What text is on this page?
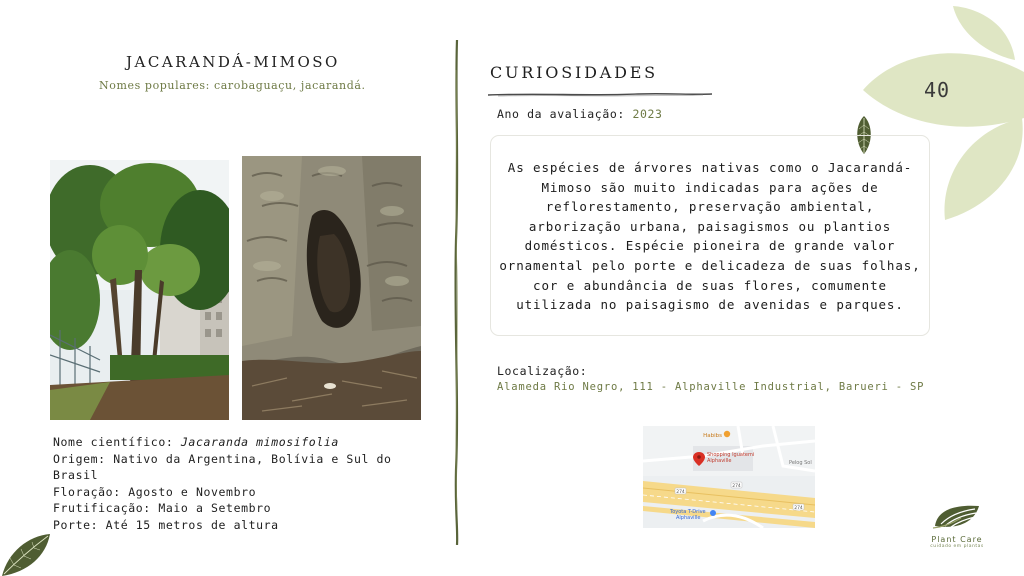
JACARANDÁ-MIMOSO
Nomes populares: carobaguaçu, jacarandá.
Nome científico: Jacaranda mimosifolia
Origem: Nativo da Argentina, Bolívia e Sul do Brasil
Floração: Agosto e Novembro
Frutificação: Maio a Setembro
Porte: Até 15 metros de altura
CURIOSIDADES
Ano da avaliação: 2023

As espécies de árvores nativas como o Jacarandá-Mimoso são muito indicadas para ações de reflorestamento, preservação ambiental, arborização urbana, paisagismos ou plantios domésticos. Espécie pioneira de grande valor ornamental pelo porte e delicadeza de suas folhas, cor e abundância de suas flores, comumente utilizada no paisagismo de avenidas e parques.

Localização:
Alameda Rio Negro, 111 - Alphaville Industrial, Barueri - SP
274
274
274
Habibs
Shopping Iguatemi
Alphaville	Pelog Sol
Toyota T-Drive
Alphaville
40
Plant Care
cuidado em plantas
